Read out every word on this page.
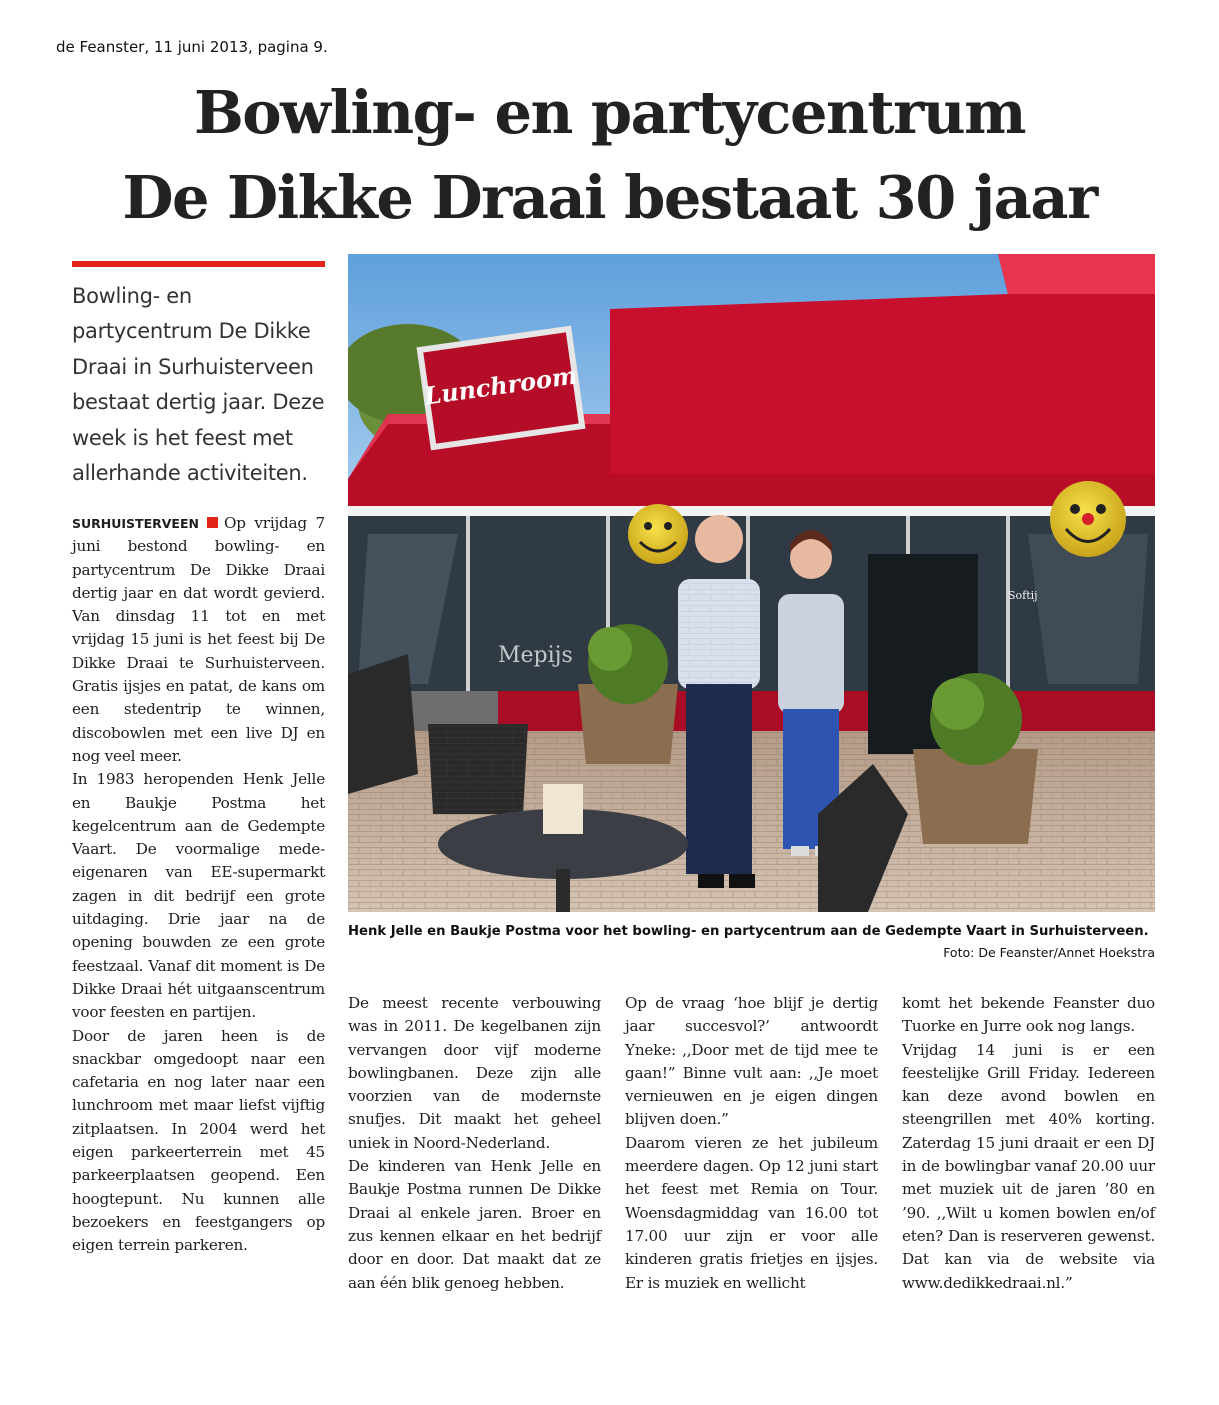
de Feanster, 11 juni 2013, pagina 9.
Bowling- en partycentrum
De Dikke Draai bestaat 30 jaar

Bowling- en partycentrum De Dikke Draai in Surhuisterveen bestaat dertig jaar. Deze week is het feest met allerhande activiteiten.

SURHUISTERVEEN Op vrijdag 7 juni bestond bowling- en partycentrum De Dikke Draai dertig jaar en dat wordt gevierd. Van dinsdag 11 tot en met vrijdag 15 juni is het feest bij De Dikke Draai te Surhuisterveen. Gratis ijsjes en patat, de kans om een stedentrip te winnen, discobowlen met een live DJ en nog veel meer.

In 1983 heropenden Henk Jelle en Baukje Postma het kegelcentrum aan de Gedempte Vaart. De voormalige mede-eigenaren van EE-supermarkt zagen in dit bedrijf een grote uitdaging. Drie jaar na de opening bouwden ze een grote feestzaal. Vanaf dit moment is De Dikke Draai hét uitgaanscentrum voor feesten en partijen.

Door de jaren heen is de snackbar omgedoopt naar een cafetaria en nog later naar een lunchroom met maar liefst vijftig zitplaatsen. In 2004 werd het eigen parkeerterrein met 45 parkeerplaatsen geopend. Een hoogtepunt. Nu kunnen alle bezoekers en feestgangers op eigen terrein parkeren.

Lunchroom
Softij
Mepijs

Henk Jelle en Baukje Postma voor het bowling- en partycentrum aan de Gedempte Vaart in Surhuisterveen.

Foto: De Feanster/Annet Hoekstra

De meest recente verbouwing was in 2011. De kegelbanen zijn vervangen door vijf moderne bowlingbanen. Deze zijn alle voorzien van de modernste snufjes. Dit maakt het geheel uniek in Noord-Nederland.

De kinderen van Henk Jelle en Baukje Postma runnen De Dikke Draai al enkele jaren. Broer en zus kennen elkaar en het bedrijf door en door. Dat maakt dat ze aan één blik genoeg hebben.

Op de vraag ‘hoe blijf je dertig jaar succesvol?’ antwoordt Yneke: ,,Door met de tijd mee te gaan!” Binne vult aan: ,,Je moet vernieuwen en je eigen dingen blijven doen.”

Daarom vieren ze het jubileum meerdere dagen. Op 12 juni start het feest met Remia on Tour. Woensdagmiddag van 16.00 tot 17.00 uur zijn er voor alle kinderen gratis frietjes en ijsjes. Er is muziek en wellicht

komt het bekende Feanster duo Tuorke en Jurre ook nog langs.

Vrijdag 14 juni is er een feestelijke Grill Friday. Iedereen kan deze avond bowlen en steengrillen met 40% korting. Zaterdag 15 juni draait er een DJ in de bowlingbar vanaf 20.00 uur met muziek uit de jaren ’80 en ’90. ,,Wilt u komen bowlen en/of eten? Dan is reserveren gewenst. Dat kan via de website via www.dedikkedraai.nl.”
